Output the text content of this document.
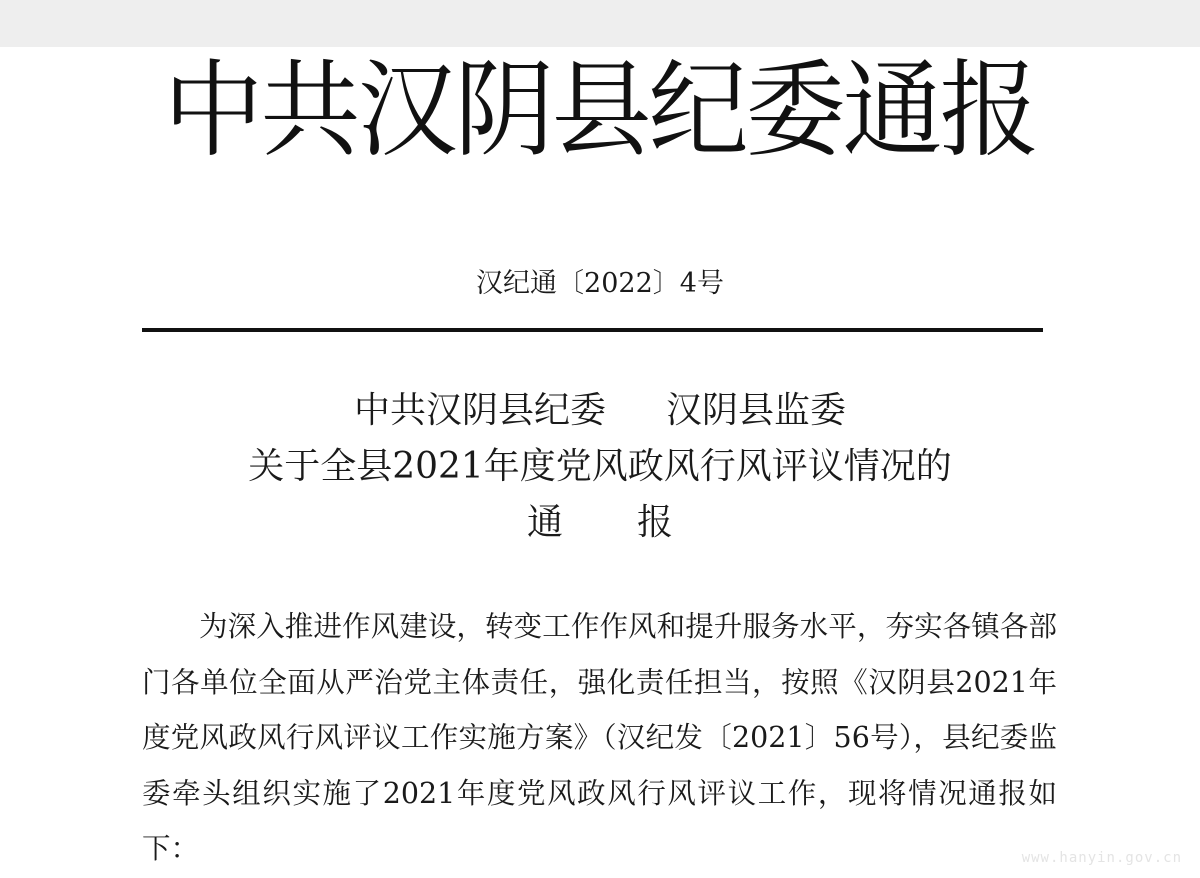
中共汉阴县纪委通报
汉纪通〔2022〕4号
中共汉阴县纪委 汉阴县监委
关于全县2021年度党风政风行风评议情况的
通 报

为深入推进作风建设，转变工作作风和提升服务水平，夯实各镇各部门各单位全面从严治党主体责任，强化责任担当，按照《汉阴县2021年度党风政风行风评议工作实施方案》（汉纪发〔2021〕56号），县纪委监委牵头组织实施了2021年度党风政风行风评议工作，现将情况通报如下：	www.hanyin.gov.cn
